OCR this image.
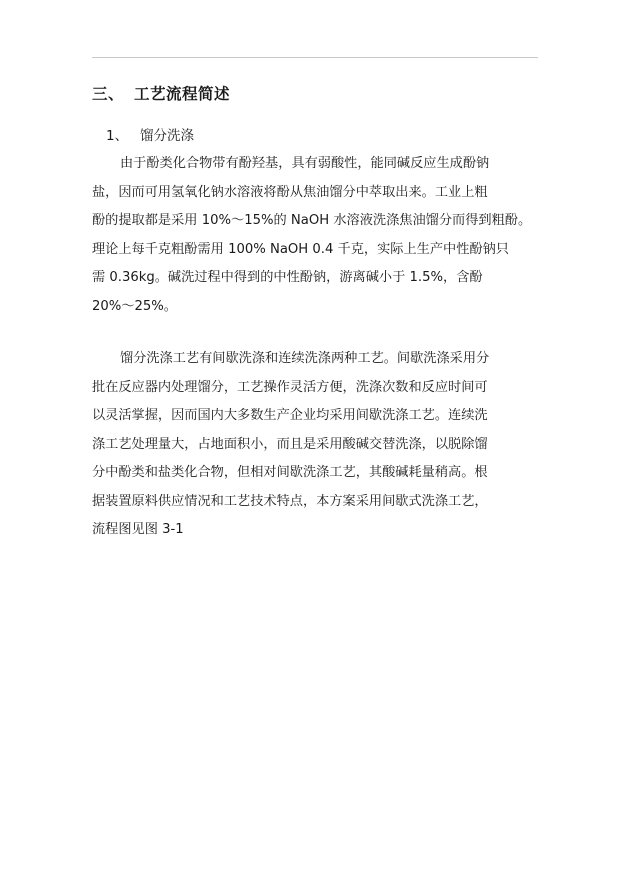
三、 工艺流程简述
1、 馏分洗涤
由于酚类化合物带有酚羟基，具有弱酸性，能同碱反应生成酚钠
盐，因而可用氢氧化钠水溶液将酚从焦油馏分中萃取出来。工业上粗
酚的提取都是采用 10%～15%的 NaOH 水溶液洗涤焦油馏分而得到粗酚。
理论上每千克粗酚需用 100% NaOH 0.4 千克，实际上生产中性酚钠只
需 0.36kg。碱洗过程中得到的中性酚钠，游离碱小于 1.5%，含酚
20%～25%。
馏分洗涤工艺有间歇洗涤和连续洗涤两种工艺。间歇洗涤采用分
批在反应器内处理馏分，工艺操作灵活方便，洗涤次数和反应时间可
以灵活掌握，因而国内大多数生产企业均采用间歇洗涤工艺。连续洗
涤工艺处理量大，占地面积小，而且是采用酸碱交替洗涤，以脱除馏
分中酚类和盐类化合物，但相对间歇洗涤工艺，其酸碱耗量稍高。根
据装置原料供应情况和工艺技术特点，本方案采用间歇式洗涤工艺，
流程图见图 3-1
